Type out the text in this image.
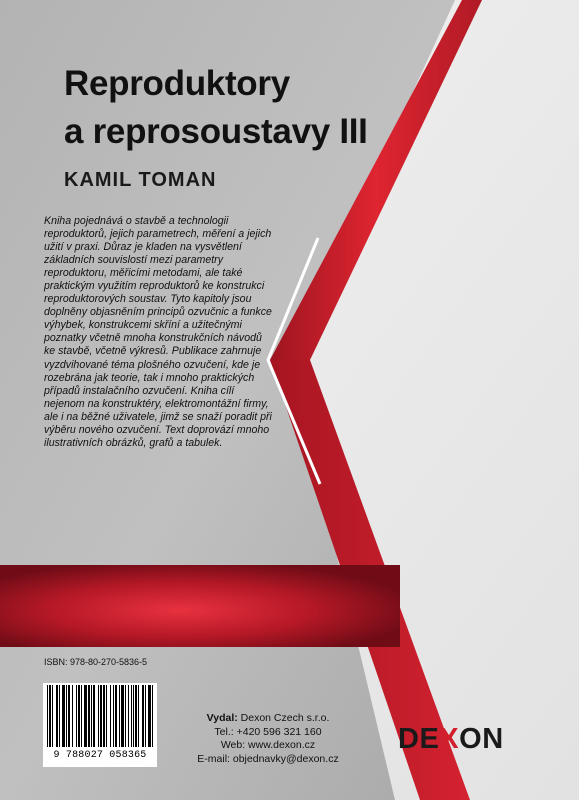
Reproduktory
a reprosoustavy III
KAMIL TOMAN

Kniha pojednává o stavbě a technologii reproduktorů, jejich parametrech, měření a jejich užití v praxi. Důraz je kladen na vysvětlení základních souvislostí mezi parametry reproduktoru, měřicími metodami, ale také praktickým využitím reproduktorů ke konstrukci reproduktorových soustav. Tyto kapitoly jsou doplněny objasněním principů ozvučnic a funkce výhybek, konstrukcemi skříní a užitečnými poznatky včetně mnoha konstrukčních návodů ke stavbě, včetně výkresů. Publikace zahrnuje vyzdvihované téma plošného ozvučení, kde je rozebrána jak teorie, tak i mnoho praktických případů instalačního ozvučení. Kniha cílí nejenom na konstruktéry, elektromontážní firmy, ale i na běžné uživatele, jimž se snaží poradit při výběru nového ozvučení. Text doprovází mnoho ilustrativních obrázků, grafů a tabulek.

ISBN: 978-80-270-5836-5
9 788027 058365
Vydal: Dexon Czech s.r.o.
Tel.: +420 596 321 160
Web: www.dexon.cz
E-mail: objednavky@dexon.cz
DEXON
